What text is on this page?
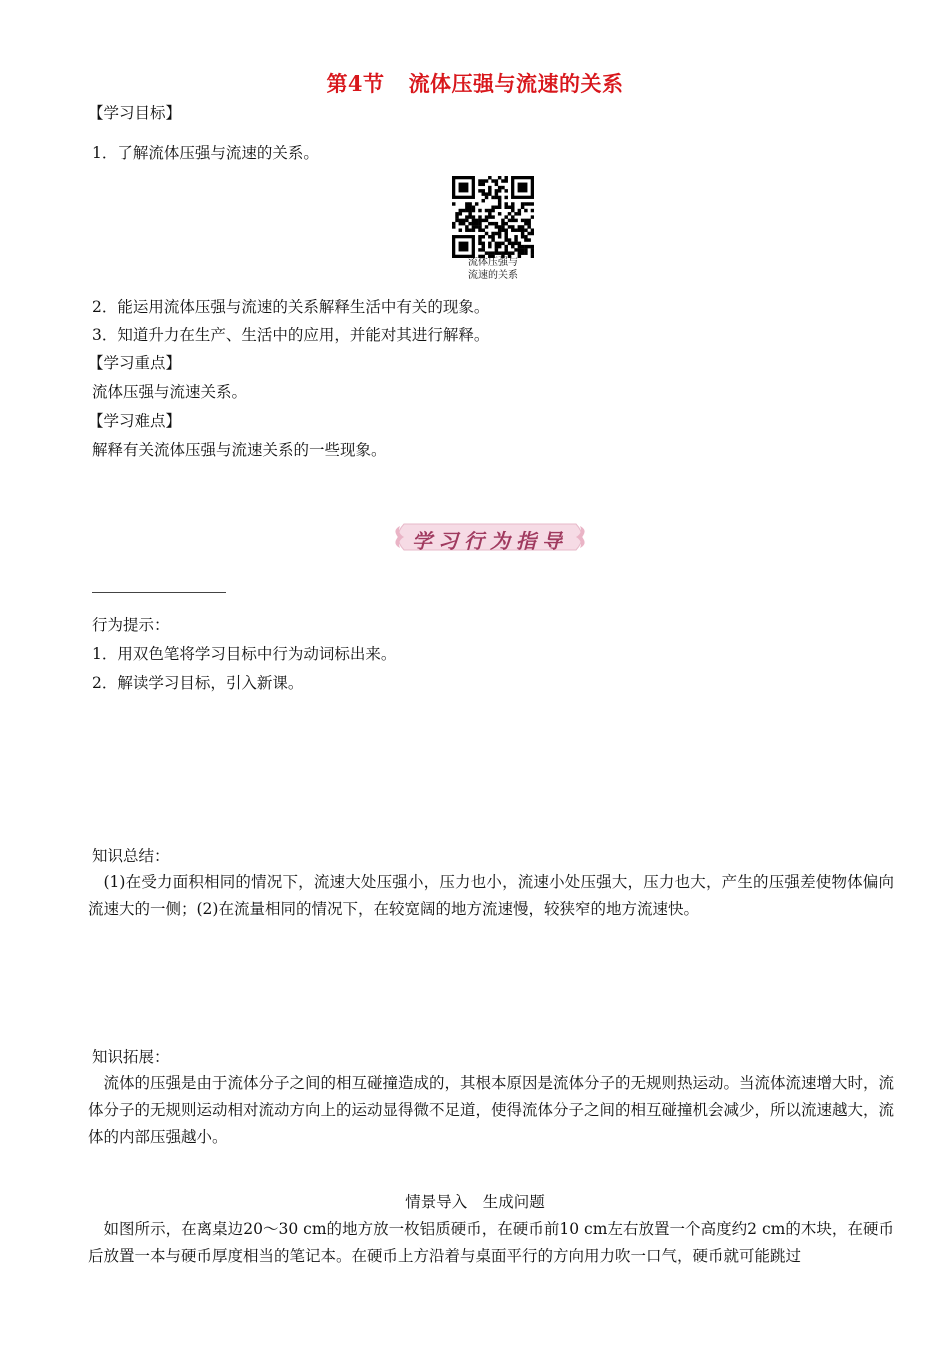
第4节 流体压强与流速的关系
【学习目标】
1．了解流体压强与流速的关系。
流体压强与
流速的关系
2．能运用流体压强与流速的关系解释生活中有关的现象。
3．知道升力在生产、生活中的应用，并能对其进行解释。
【学习重点】
流体压强与流速关系。
【学习难点】
解释有关流体压强与流速关系的一些现象。
学习行为指导
行为提示：
1．用双色笔将学习目标中行为动词标出来。
2．解读学习目标，引入新课。
知识总结：
(1)在受力面积相同的情况下，流速大处压强小，压力也小，流速小处压强大，压力也大，产生的压强差使物体偏向流速大的一侧；(2)在流量相同的情况下，在较宽阔的地方流速慢，较狭窄的地方流速快。
知识拓展：
流体的压强是由于流体分子之间的相互碰撞造成的，其根本原因是流体分子的无规则热运动。当流体流速增大时，流体分子的无规则运动相对流动方向上的运动显得微不足道，使得流体分子之间的相互碰撞机会减少，所以流速越大，流体的内部压强越小。
情景导入　生成问题
如图所示，在离桌边20～30 cm的地方放一枚铝质硬币，在硬币前10 cm左右放置一个高度约2 cm的木块，在硬币后放置一本与硬币厚度相当的笔记本。在硬币上方沿着与桌面平行的方向用力吹一口气，硬币就可能跳过
